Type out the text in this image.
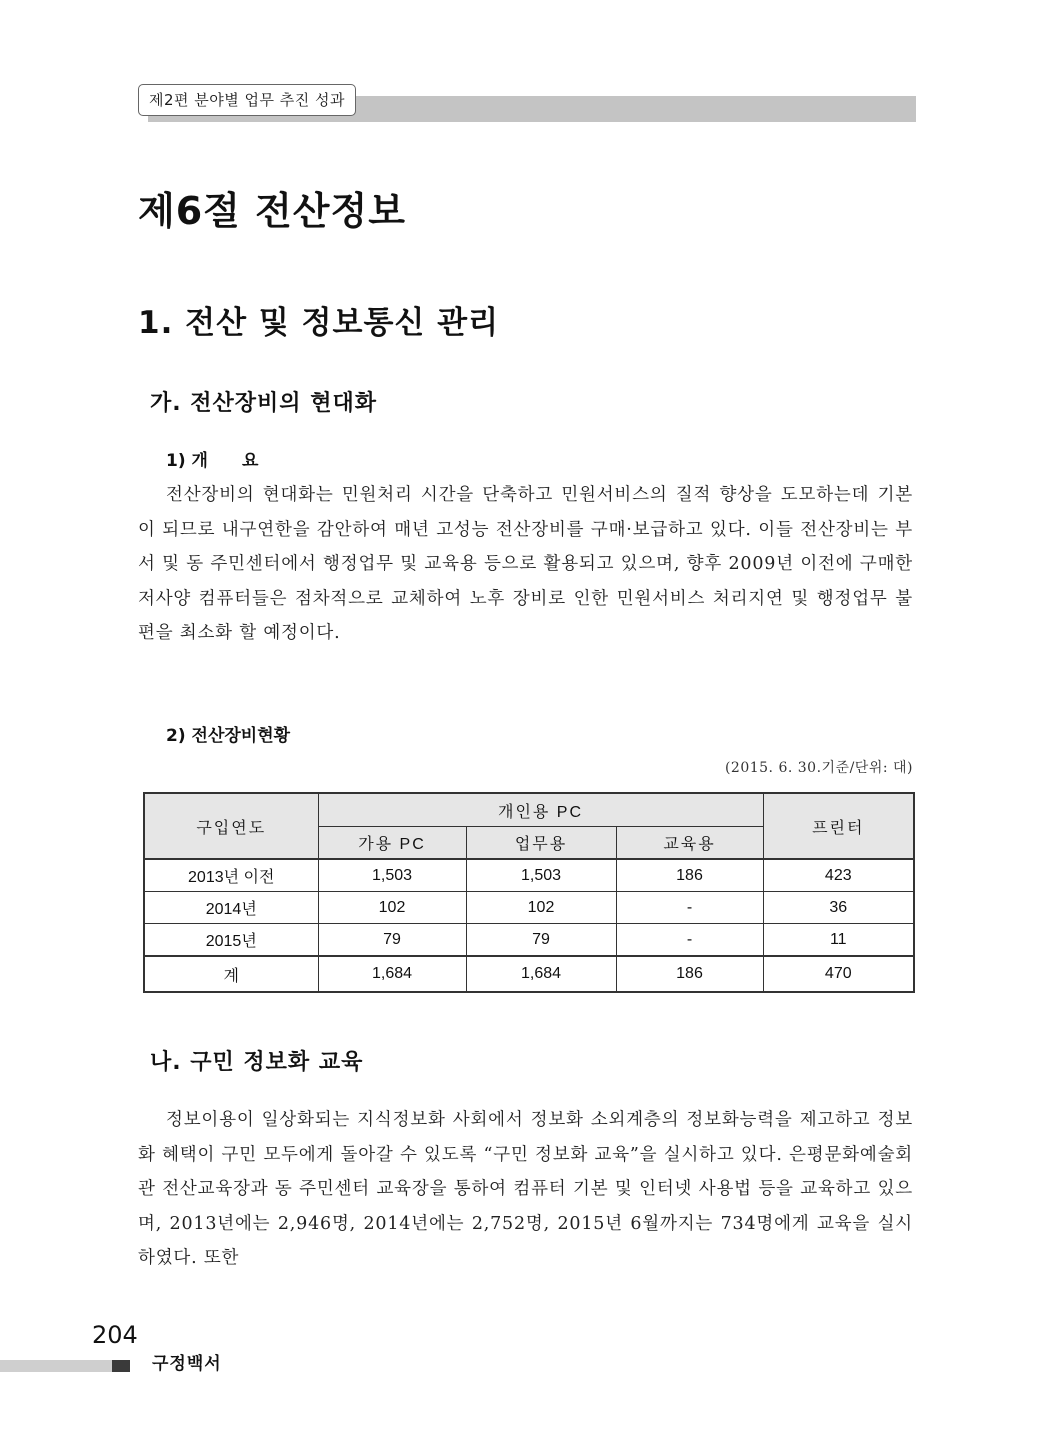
제2편 분야별 업무 추진 성과
제6절 전산정보
1. 전산 및 정보통신 관리
가. 전산장비의 현대화
1) 개　　요

전산장비의 현대화는 민원처리 시간을 단축하고 민원서비스의 질적 향상을 도모하는데 기본이 되므로 내구연한을 감안하여 매년 고성능 전산장비를 구매·보급하고 있다. 이들 전산장비는 부서 및 동 주민센터에서 행정업무 및 교육용 등으로 활용되고 있으며, 향후 2009년 이전에 구매한 저사양 컴퓨터들은 점차적으로 교체하여 노후 장비로 인한 민원서비스 처리지연 및 행정업무 불편을 최소화 할 예정이다.

2) 전산장비현황
(2015. 6. 30.기준/단위: 대)
구입연도	개인용 PC			프린터
	가용 PC	업무용	교육용	
2013년 이전	1,503	1,503	186	423
2014년	102	102	-	36
2015년	79	79	-	11
계	1,684	1,684	186	470
나. 구민 정보화 교육

정보이용이 일상화되는 지식정보화 사회에서 정보화 소외계층의 정보화능력을 제고하고 정보화 혜택이 구민 모두에게 돌아갈 수 있도록 “구민 정보화 교육”을 실시하고 있다. 은평문화예술회관 전산교육장과 동 주민센터 교육장을 통하여 컴퓨터 기본 및 인터넷 사용법 등을 교육하고 있으며, 2013년에는 2,946명, 2014년에는 2,752명, 2015년 6월까지는 734명에게 교육을 실시하였다. 또한

204
구정백서
